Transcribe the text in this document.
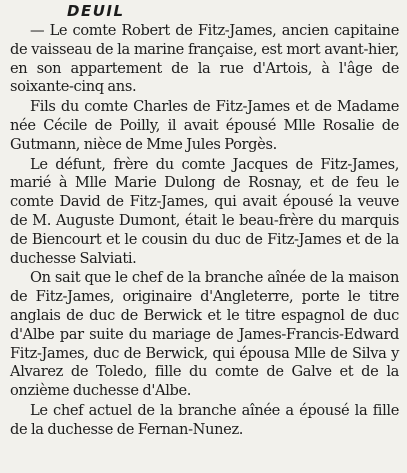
DEUIL

— Le comte Robert de Fitz-James, ancien capitaine de vaisseau de la marine française, est mort avant-hier, en son appartement de la rue d'Artois, à l'âge de soixante-cinq ans.

Fils du comte Charles de Fitz-James et de Madame née Cécile de Poilly, il avait épousé Mlle Rosalie de Gutmann, nièce de Mme Jules Porgès.

Le défunt, frère du comte Jacques de Fitz-James, marié à Mlle Marie Dulong de Rosnay, et de feu le comte David de Fitz-James, qui avait épousé la veuve de M. Auguste Dumont, était le beau-frère du marquis de Biencourt et le cousin du duc de Fitz-James et de la duchesse Salviati.

On sait que le chef de la branche aînée de la maison de Fitz-James, originaire d'Angleterre, porte le titre anglais de duc de Berwick et le titre espagnol de duc d'Albe par suite du mariage de James-Francis-Edward Fitz-James, duc de Berwick, qui épousa Mlle de Silva y Alvarez de Toledo, fille du comte de Galve et de la onzième duchesse d'Albe.

Le chef actuel de la branche aînée a épousé la fille de la duchesse de Fernan-Nunez.
